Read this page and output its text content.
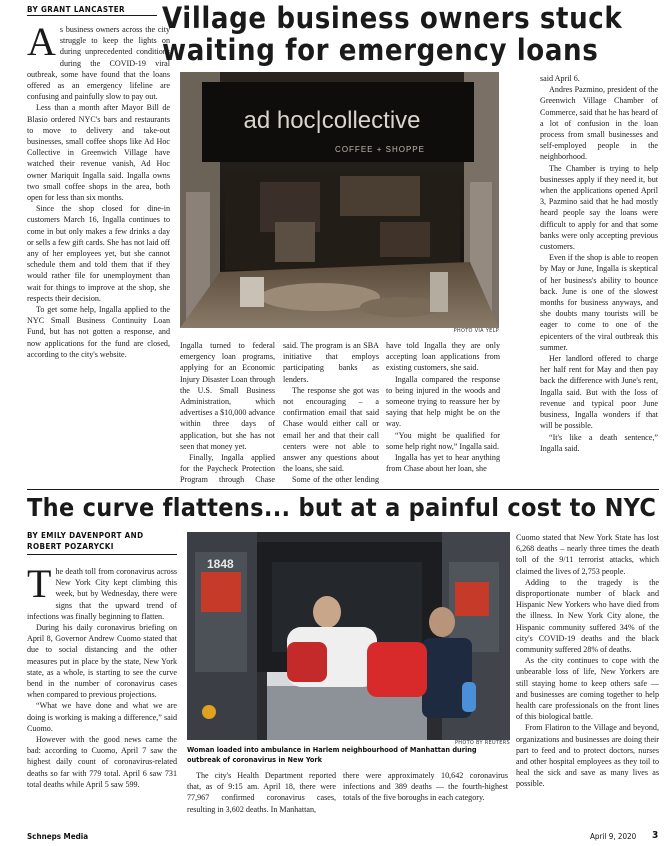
BY GRANT LANCASTER	Village business owners stuck waiting for emergency loans
ad hoc|collective
COFFEE + SHOPPE
PHOTO VIA YELP
A s business owners across the city struggle to keep the lights on during unprecedented conditions during the COVID-19 viral outbreak, some have found that the loans offered as an emergency lifeline are confusing and painfully slow to pay out.

Less than a month after Mayor Bill de Blasio ordered NYC's bars and restaurants to move to delivery and take-out businesses, small coffee shops like Ad Hoc Collective in Greenwich Village have watched their revenue vanish, Ad Hoc owner Mariquit Ingalla said. Ingalla owns two small coffee shops in the area, both open for less than six months.

Since the shop closed for dine-in customers March 16, Ingalla continues to come in but only makes a few drinks a day or sells a few gift cards. She has not laid off any of her employees yet, but she cannot schedule them and told them that if they would rather file for unemployment than wait for things to improve at the shop, she respects their decision.

To get some help, Ingalla applied to the NYC Small Business Continuity Loan Fund, but has not gotten a response, and now applications for the fund are closed, according to the city's website.

Ingalla turned to federal emergency loan programs, applying for an Economic Injury Disaster Loan through the U.S. Small Business Administration, which advertises a $10,000 advance within three days of application, but she has not seen that money yet.

Finally, Ingalla applied for the Paycheck Protection Program through Chase

said. The program is an SBA initiative that employs participating banks as lenders.

The response she got was not encouraging – a confirmation email that said Chase would either call or email her and that their call centers were not able to answer any questions about the loans, she said.

Some of the other lending

have told Ingalla they are only accepting loan applications from existing customers, she said.

Ingalla compared the response to being injured in the woods and someone trying to reassure her by saying that help might be on the way.

“You might be qualified for some help right now,” Ingalla said.

Ingalla has yet to hear anything from Chase about her loan, she

said April 6.

Andres Pazmino, president of the Greenwich Village Chamber of Commerce, said that he has heard of a lot of confusion in the loan process from small businesses and self-employed people in the neighborhood.

The Chamber is trying to help businesses apply if they need it, but when the applications opened April 3, Pazmino said that he had mostly heard people say the loans were difficult to apply for and that some banks were only accepting previous customers.

Even if the shop is able to reopen by May or June, Ingalla is skeptical of her business's ability to bounce back. June is one of the slowest months for business anyways, and she doubts many tourists will be eager to come to one of the epicenters of the viral outbreak this summer.

Her landlord offered to charge her half rent for May and then pay back the difference with June's rent, Ingalla said. But with the loss of revenue and typical poor June business, Ingalla wonders if that will be possible.

“It's like a death sentence,” Ingalla said.

The curve flattens... but at a painful cost to NYC
BY EMILY DAVENPORT AND
ROBERT POZARYCKI
1848
PHOTO BY REUTERS
Woman loaded into ambulance in Harlem neighbourhood of Manhattan during outbreak of coronavirus in New York
T he death toll from coronavirus across New York City kept climbing this week, but by Wednesday, there were signs that the upward trend of infections was finally beginning to flatten.

During his daily coronavirus briefing on April 8, Governor Andrew Cuomo stated that due to social distancing and the other measures put in place by the state, New York state, as a whole, is starting to see the curve bend in the number of coronavirus cases when compared to previous projections.

“What we have done and what we are doing is working is making a difference,” said Cuomo.

However with the good news came the bad: according to Cuomo, April 7 saw the highest daily count of coronavirus-related deaths so far with 779 total. April 6 saw 731 total deaths while April 5 saw 599.

The city's Health Department reported that, as of 9:15 am. April 18, there were 77,967 confirmed coronavirus cases, resulting in 3,602 deaths. In Manhattan,

there were approximately 10,642 coronavirus infections and 389 deaths — the fourth-highest totals of the five boroughs in each category.

Cuomo stated that New York State has lost 6,268 deaths – nearly three times the death toll of the 9/11 terrorist attacks, which claimed the lives of 2,753 people.

Adding to the tragedy is the disproportionate number of black and Hispanic New Yorkers who have died from the illness. In New York City alone, the Hispanic community suffered 34% of the city's COVID-19 deaths and the black community suffered 28% of deaths.

As the city continues to cope with the unbearable loss of life, New Yorkers are still staying home to keep others safe — and businesses are coming together to help health care professionals on the front lines of this biological battle.

From Flatiron to the Village and beyond, organizations and businesses are doing their part to feed and to protect doctors, nurses and other hospital employees as they toil to heal the sick and save as many lives as possible.

Schneps Media	April 9, 2020 3
